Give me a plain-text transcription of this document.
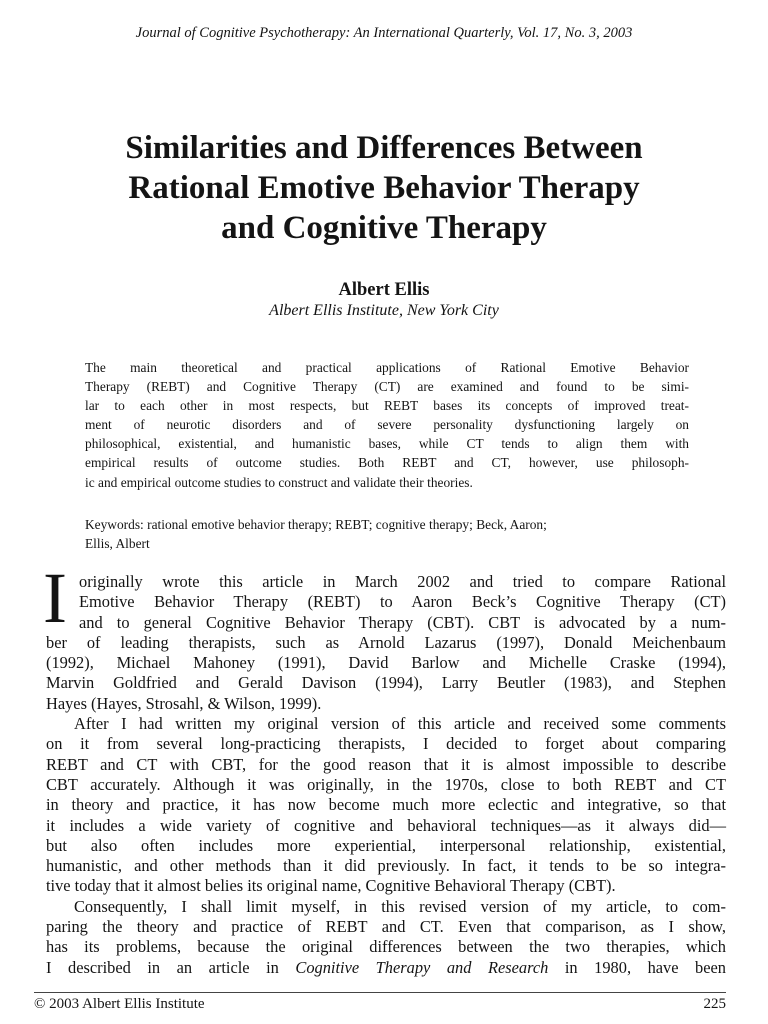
Journal of Cognitive Psychotherapy: An International Quarterly, Vol. 17, No. 3, 2003

Similarities and Differences Between
Rational Emotive Behavior Therapy
and Cognitive Therapy

Albert Ellis

Albert Ellis Institute, New York City

The main theoretical and practical applications of Rational Emotive Behavior
Therapy (REBT) and Cognitive Therapy (CT) are examined and found to be simi-
lar to each other in most respects, but REBT bases its concepts of improved treat-
ment of neurotic disorders and of severe personality dysfunctioning largely on
philosophical, existential, and humanistic bases, while CT tends to align them with
empirical results of outcome studies. Both REBT and CT, however, use philosoph-
ic and empirical outcome studies to construct and validate their theories.
Keywords: rational emotive behavior therapy; REBT; cognitive therapy; Beck, Aaron;
Ellis, Albert
I originally wrote this article in March 2002 and tried to compare Rational
Emotive Behavior Therapy (REBT) to Aaron Beck’s Cognitive Therapy (CT)
and to general Cognitive Behavior Therapy (CBT). CBT is advocated by a num-
ber of leading therapists, such as Arnold Lazarus (1997), Donald Meichenbaum
(1992), Michael Mahoney (1991), David Barlow and Michelle Craske (1994),
Marvin Goldfried and Gerald Davison (1994), Larry Beutler (1983), and Stephen
Hayes (Hayes, Strosahl, & Wilson, 1999).
After I had written my original version of this article and received some comments
on it from several long-practicing therapists, I decided to forget about comparing
REBT and CT with CBT, for the good reason that it is almost impossible to describe
CBT accurately. Although it was originally, in the 1970s, close to both REBT and CT
in theory and practice, it has now become much more eclectic and integrative, so that
it includes a wide variety of cognitive and behavioral techniques—as it always did—
but also often includes more experiential, interpersonal relationship, existential,
humanistic, and other methods than it did previously. In fact, it tends to be so integra-
tive today that it almost belies its original name, Cognitive Behavioral Therapy (CBT).
Consequently, I shall limit myself, in this revised version of my article, to com-
paring the theory and practice of REBT and CT. Even that comparison, as I show,
has its problems, because the original differences between the two therapies, which
I described in an article in Cognitive Therapy and Research in 1980, have been

© 2003 Albert Ellis Institute	225
